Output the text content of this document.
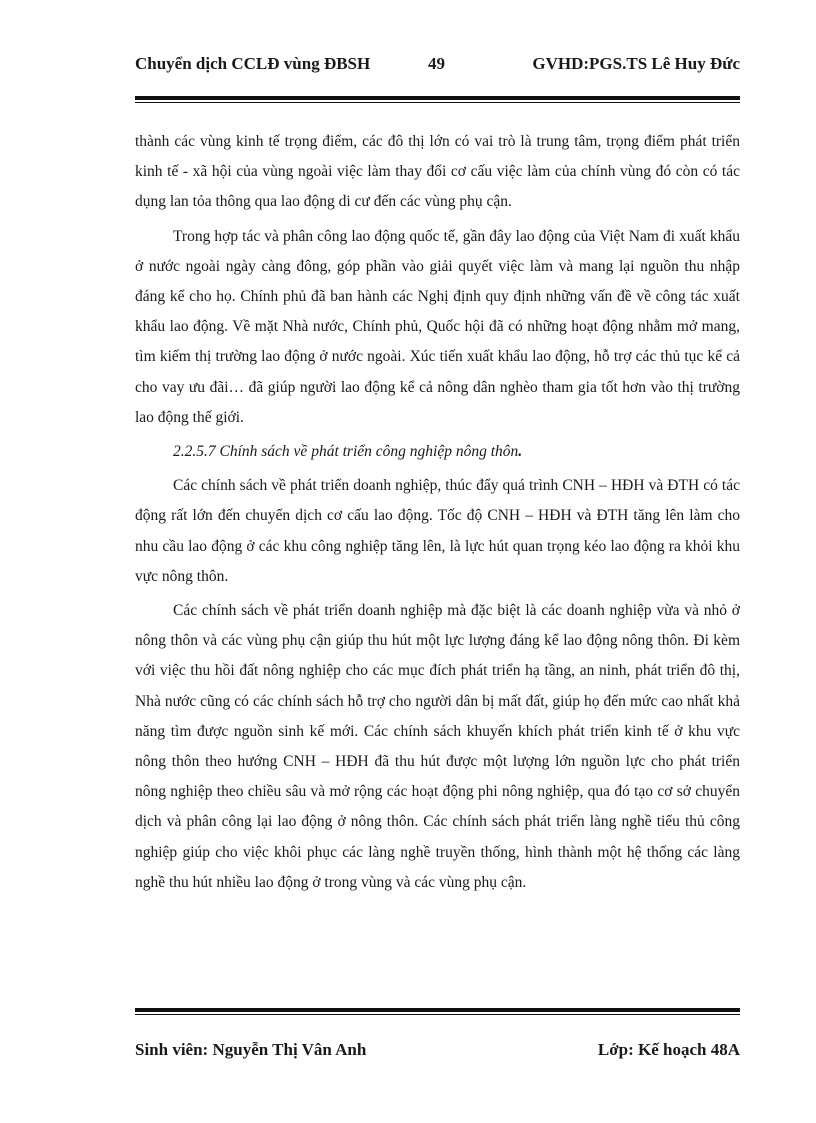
Chuyển dịch CCLĐ vùng ĐBSH	49	GVHD:PGS.TS Lê Huy Đức

thành các vùng kinh tế trọng điểm, các đô thị lớn có vai trò là trung tâm, trọng điểm phát triển kinh tế - xã hội của vùng ngoài việc làm thay đổi cơ cấu việc làm của chính vùng đó còn có tác dụng lan tỏa thông qua lao động di cư đến các vùng phụ cận.

Trong hợp tác và phân công lao động quốc tế, gần đây lao động của Việt Nam đi xuất khẩu ở nước ngoài ngày càng đông, góp phần vào giải quyết việc làm và mang lại nguồn thu nhập đáng kể cho họ. Chính phủ đã ban hành các Nghị định quy định những vấn đề về công tác xuất khẩu lao động. Về mặt Nhà nước, Chính phủ, Quốc hội đã có những hoạt động nhằm mở mang, tìm kiếm thị trường lao động ở nước ngoài. Xúc tiến xuất khẩu lao động, hỗ trợ các thủ tục kể cả cho vay ưu đãi… đã giúp người lao động kể cả nông dân nghèo tham gia tốt hơn vào thị trường lao động thế giới.

2.2.5.7 Chính sách về phát triển công nghiệp nông thôn.

Các chính sách về phát triển doanh nghiệp, thúc đẩy quá trình CNH – HĐH và ĐTH có tác động rất lớn đến chuyển dịch cơ cấu lao động. Tốc độ CNH – HĐH và ĐTH tăng lên làm cho nhu cầu lao động ở các khu công nghiệp tăng lên, là lực hút quan trọng kéo lao động ra khỏi khu vực nông thôn.

Các chính sách về phát triển doanh nghiệp mà đặc biệt là các doanh nghiệp vừa và nhỏ ở nông thôn và các vùng phụ cận giúp thu hút một lực lượng đáng kể lao động nông thôn. Đi kèm với việc thu hồi đất nông nghiệp cho các mục đích phát triển hạ tầng, an ninh, phát triển đô thị, Nhà nước cũng có các chính sách hỗ trợ cho người dân bị mất đất, giúp họ đến mức cao nhất khả năng tìm được nguồn sinh kế mới. Các chính sách khuyến khích phát triển kinh tế ở khu vực nông thôn theo hướng CNH – HĐH đã thu hút được một lượng lớn nguồn lực cho phát triển nông nghiệp theo chiều sâu và mở rộng các hoạt động phi nông nghiệp, qua đó tạo cơ sở chuyển dịch và phân công lại lao động ở nông thôn. Các chính sách phát triển làng nghề tiểu thủ công nghiệp giúp cho việc khôi phục các làng nghề truyền thống, hình thành một hệ thống các làng nghề thu hút nhiều lao động ở trong vùng và các vùng phụ cận.

Sinh viên: Nguyễn Thị Vân Anh	Lớp: Kế hoạch 48A
